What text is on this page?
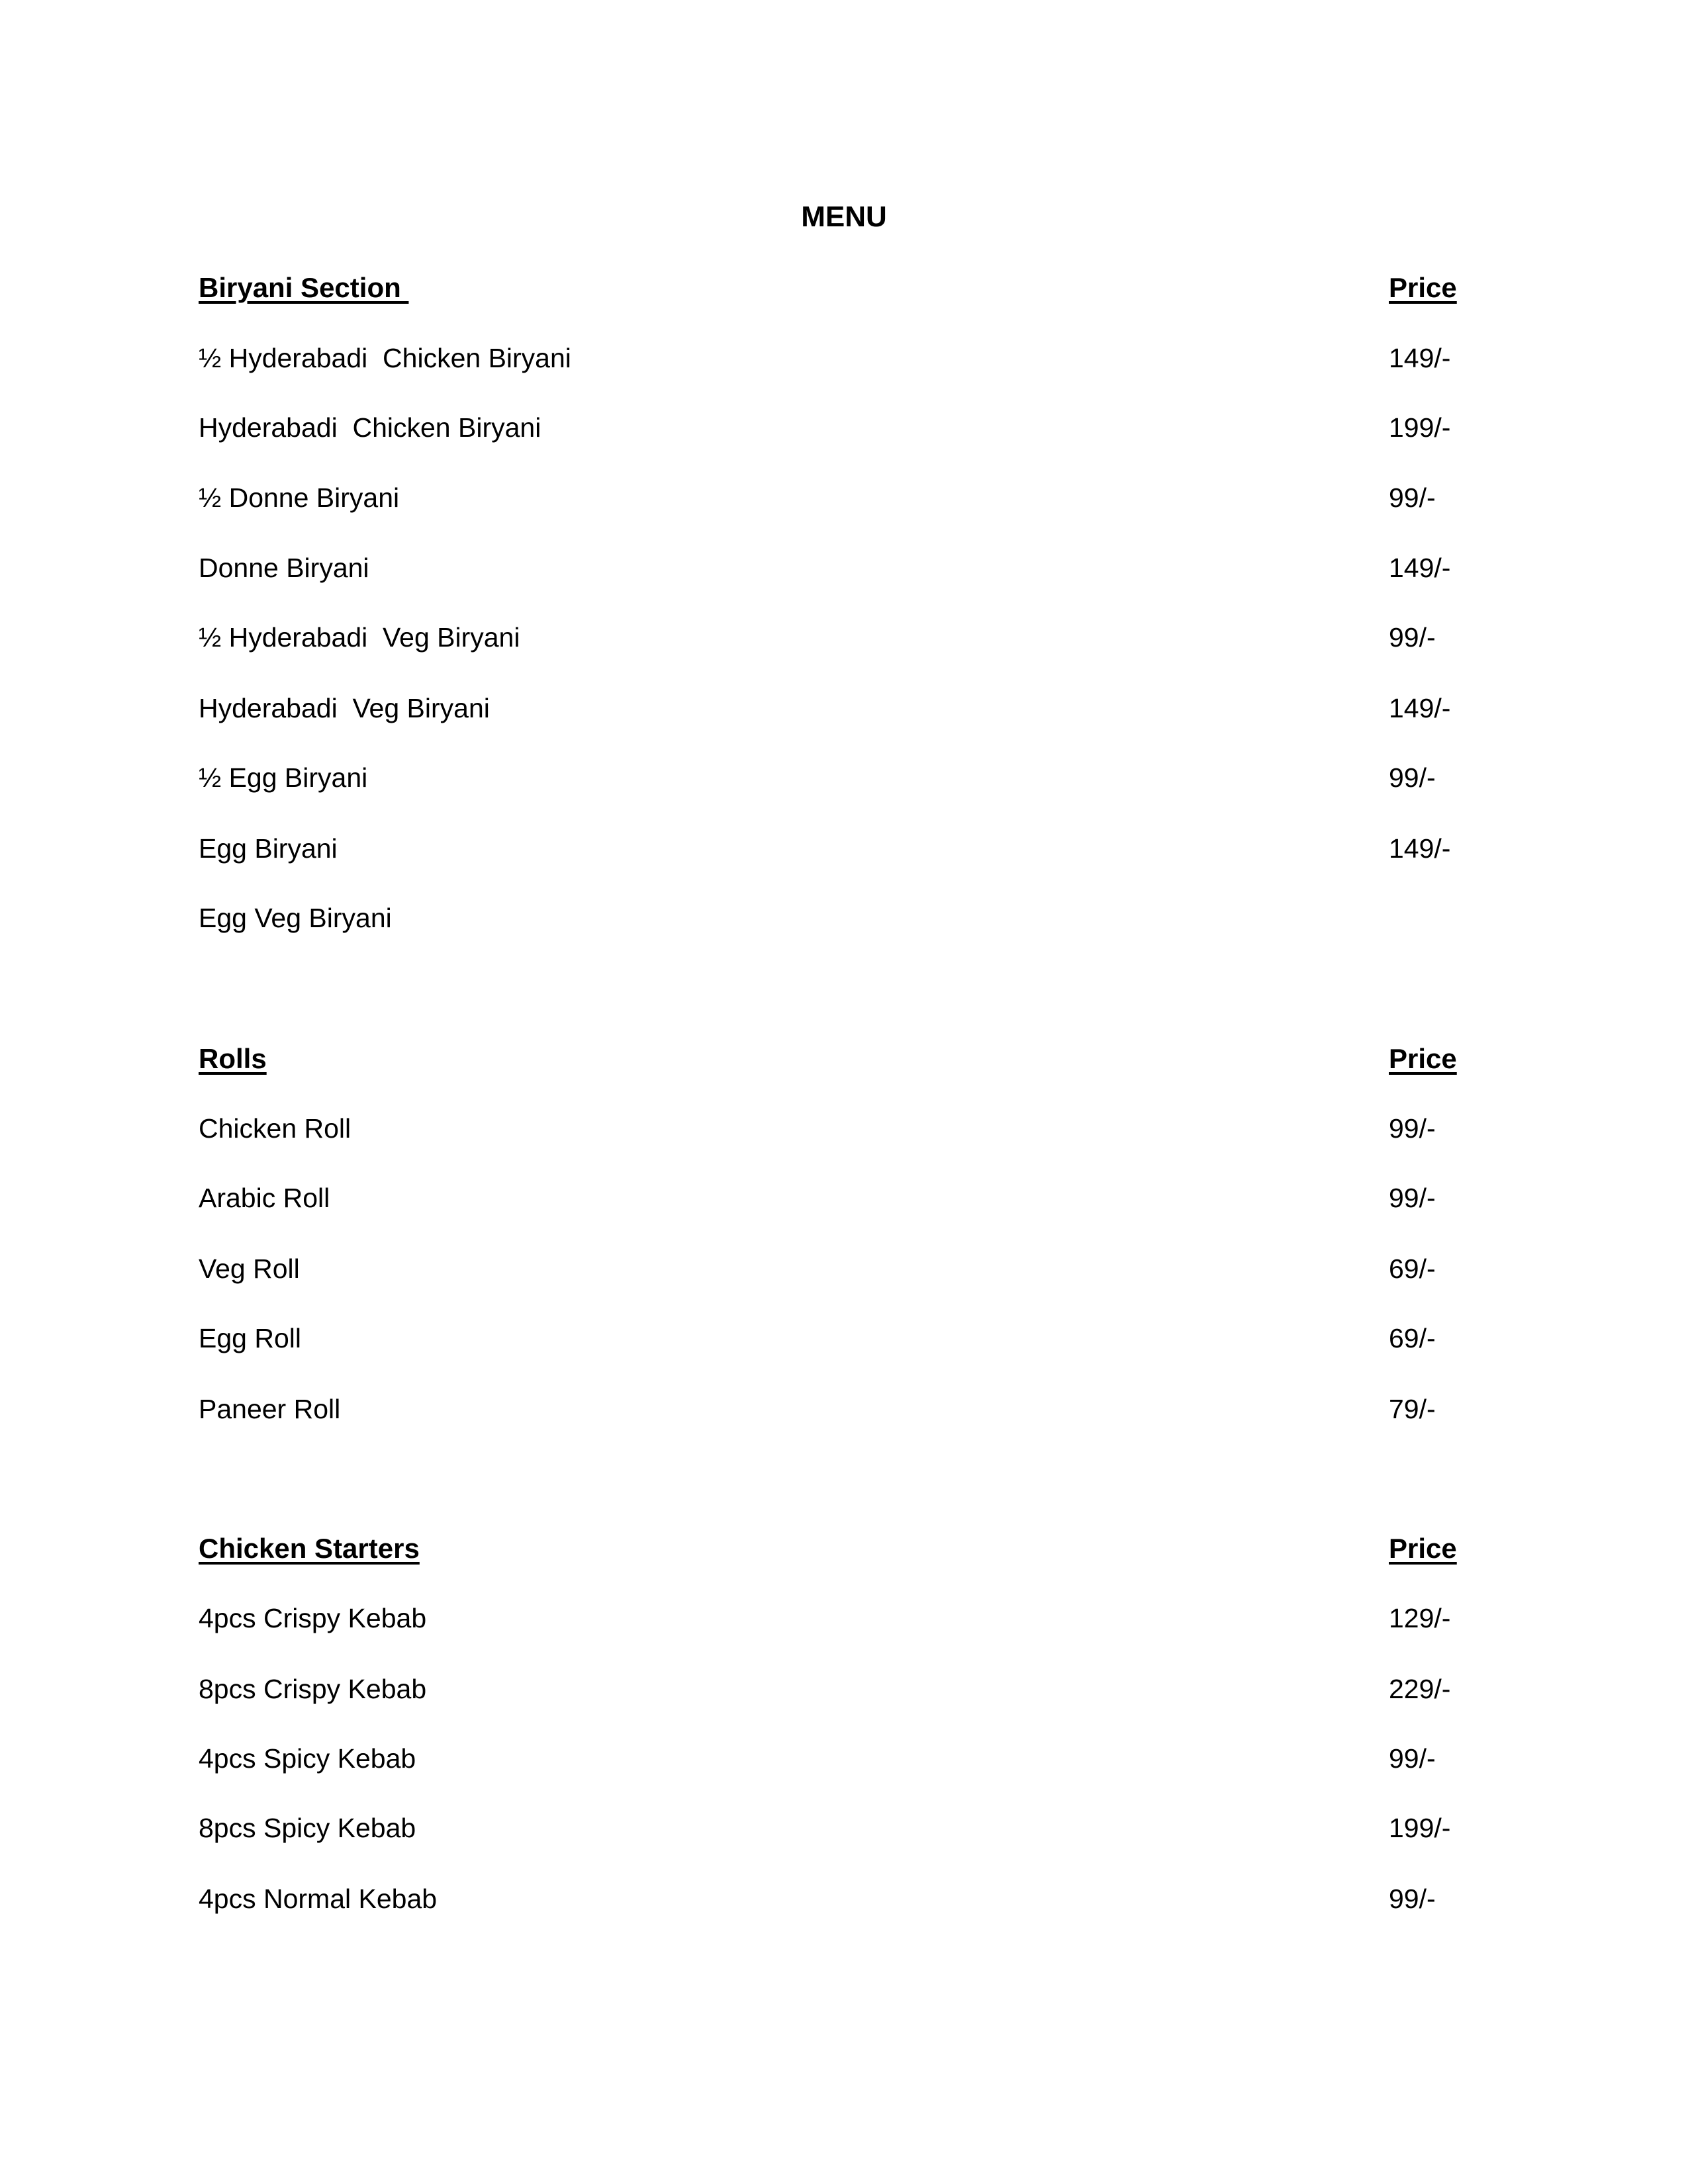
MENU
Biryani Section	Price
½ Hyderabadi  Chicken Biryani	149/-
Hyderabadi  Chicken Biryani	199/-
½ Donne Biryani	99/-
Donne Biryani	149/-
½ Hyderabadi  Veg Biryani	99/-
Hyderabadi  Veg Biryani	149/-
½ Egg Biryani	99/-
Egg Biryani	149/-
Egg Veg Biryani
Rolls	Price
Chicken Roll	99/-
Arabic Roll	99/-
Veg Roll	69/-
Egg Roll	69/-
Paneer Roll	79/-
Chicken Starters	Price
4pcs Crispy Kebab	129/-
8pcs Crispy Kebab	229/-
4pcs Spicy Kebab	99/-
8pcs Spicy Kebab	199/-
4pcs Normal Kebab	99/-
